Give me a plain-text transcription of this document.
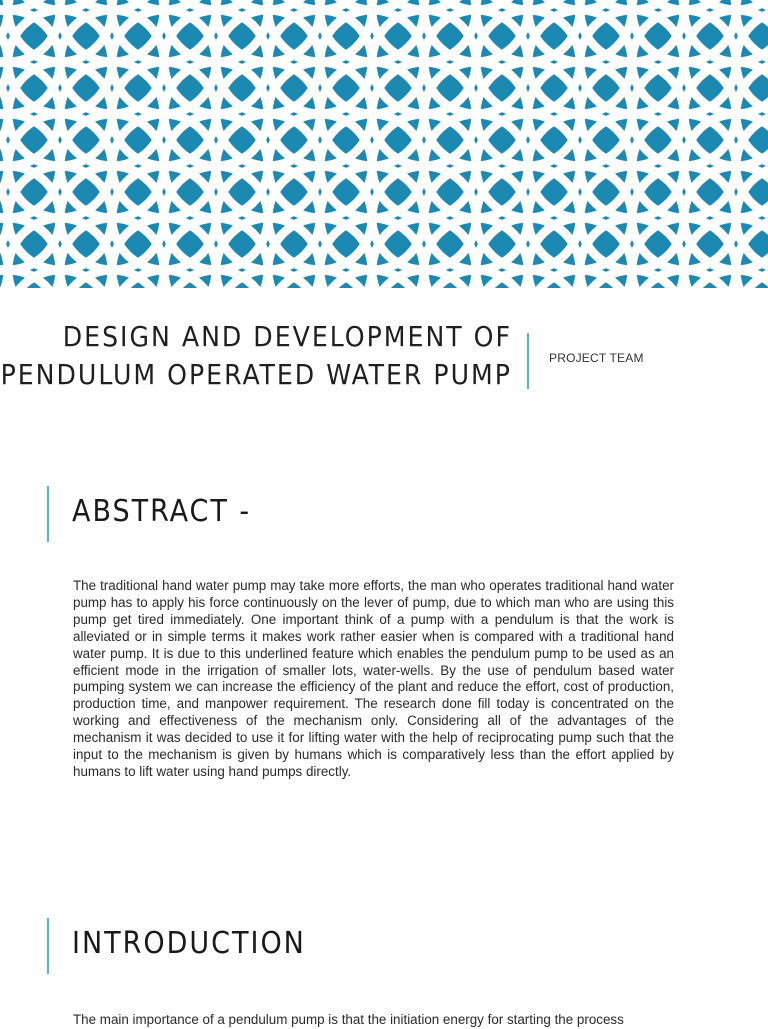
DESIGN AND DEVELOPMENT OF
PENDULUM OPERATED WATER PUMP	PROJECT TEAM
ABSTRACT -

The traditional hand water pump may take more efforts, the man who operates traditional hand water pump has to apply his force continuously on the lever of pump, due to which man who are using this pump get tired immediately. One important think of a pump with a pendulum is that the work is alleviated or in simple terms it makes work rather easier when is compared with a traditional hand water pump. It is due to this underlined feature which enables the pendulum pump to be used as an efficient mode in the irrigation of smaller lots, water-wells. By the use of pendulum based water pumping system we can increase the efficiency of the plant and reduce the effort, cost of production, production time, and manpower requirement. The research done fill today is concentrated on the working and effectiveness of the mechanism only. Considering all of the advantages of the mechanism it was decided to use it for lifting water with the help of reciprocating pump such that the input to the mechanism is given by humans which is comparatively less than the effort applied by humans to lift water using hand pumps directly.

INTRODUCTION

The main importance of a pendulum pump is that the initiation energy for starting the process
